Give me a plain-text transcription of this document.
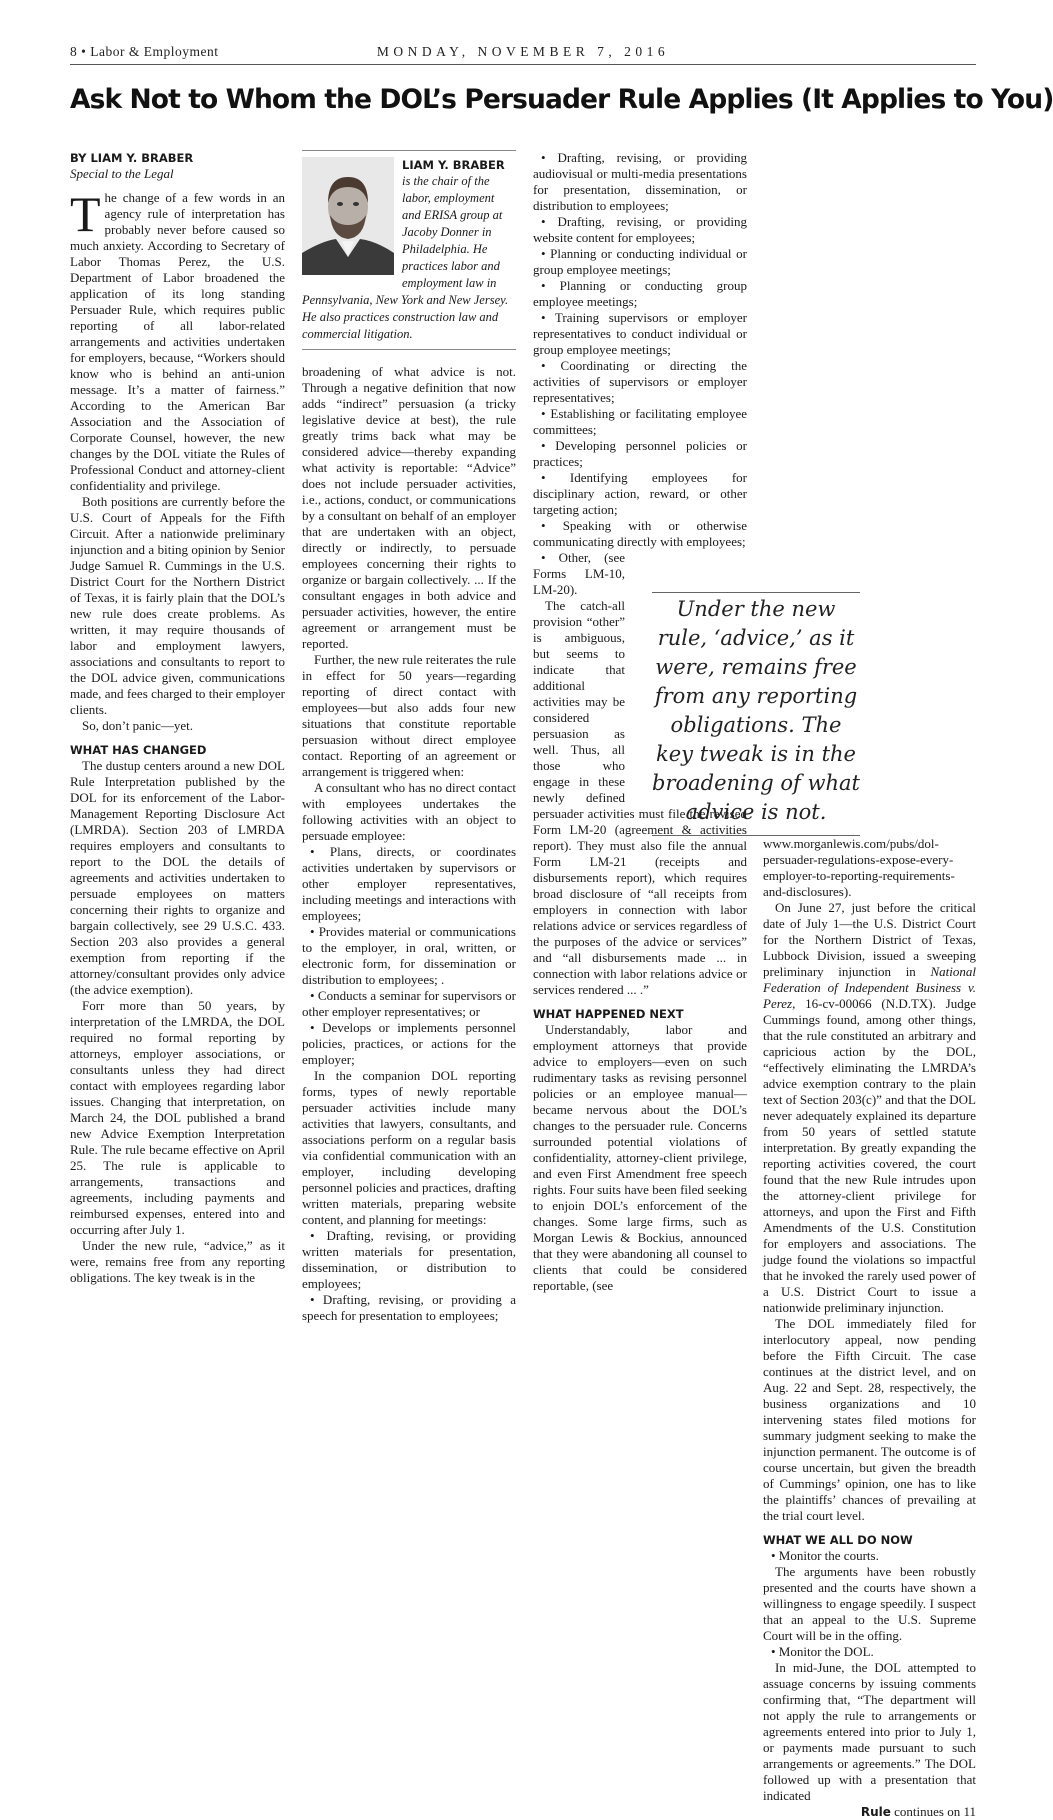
8 • Labor & Employment	MONDAY, NOVEMBER 7, 2016
Ask Not to Whom the DOL’s Persuader Rule Applies (It Applies to You)
BY LIAM Y. BRABER
Special to the Legal

The change of a few words in an agency rule of interpretation has probably never before caused so much anxiety. According to Secretary of Labor Thomas Perez, the U.S. Department of Labor broadened the application of its long standing Persuader Rule, which requires public reporting of all labor-related arrangements and activities undertaken for employers, because, “Workers should know who is behind an anti-union message. It’s a matter of fairness.” According to the American Bar Association and the Association of Corporate Counsel, however, the new changes by the DOL vitiate the Rules of Professional Conduct and attorney-client confidentiality and privilege.

Both positions are currently before the U.S. Court of Appeals for the Fifth Circuit. After a nationwide preliminary injunction and a biting opinion by Senior Judge Samuel R. Cummings in the U.S. District Court for the Northern District of Texas, it is fairly plain that the DOL’s new rule does create problems. As written, it may require thousands of labor and employment lawyers, associations and consultants to report to the DOL advice given, communications made, and fees charged to their employer clients.

So, don’t panic—yet.

WHAT HAS CHANGED

The dustup centers around a new DOL Rule Interpretation published by the DOL for its enforcement of the Labor-Management Reporting Disclosure Act (LMRDA). Section 203 of LMRDA requires employers and consultants to report to the DOL the details of agreements and activities undertaken to persuade employees on matters concerning their rights to organize and bargain collectively, see 29 U.S.C. 433. Section 203 also provides a general exemption from reporting if the attorney/consultant provides only advice (the advice exemption).

Forr more than 50 years, by interpretation of the LMRDA, the DOL required no formal reporting by attorneys, employer associations, or consultants unless they had direct contact with employees regarding labor issues. Changing that interpretation, on March 24, the DOL published a brand new Advice Exemption Interpretation Rule. The rule became effective on April 25. The rule is applicable to arrangements, transactions and agreements, including payments and reimbursed expenses, entered into and occurring after July 1.

Under the new rule, “advice,” as it were, remains free from any reporting obligations. The key tweak is in the

LIAM Y. BRABER
is the chair of the labor, employment and ERISA group at Jacoby Donner in Philadelphia. He practices labor and employment law in Pennsylvania, New York and New Jersey. He also practices construction law and commercial litigation.

broadening of what advice is not. Through a negative definition that now adds “indirect” persuasion (a tricky legislative device at best), the rule greatly trims back what may be considered advice—thereby expanding what activity is reportable: “Advice” does not include persuader activities, i.e., actions, conduct, or communications by a consultant on behalf of an employer that are undertaken with an object, directly or indirectly, to persuade employees concerning their rights to organize or bargain collectively. ... If the consultant engages in both advice and persuader activities, however, the entire agreement or arrangement must be reported.

Further, the new rule reiterates the rule in effect for 50 years—regarding reporting of direct contact with employees—but also adds four new situations that constitute reportable persuasion without direct employee contact. Reporting of an agreement or arrangement is triggered when:

A consultant who has no direct contact with employees undertakes the following activities with an object to persuade employee:

• Plans, directs, or coordinates activities undertaken by supervisors or other employer representatives, including meetings and interactions with employees;

• Provides material or communications to the employer, in oral, written, or electronic form, for dissemination or distribution to employees; .

• Conducts a seminar for supervisors or other employer representatives; or

• Develops or implements personnel policies, practices, or actions for the employer;

In the companion DOL reporting forms, types of newly reportable persuader activities include many activities that lawyers, consultants, and associations perform on a regular basis via confidential communication with an employer, including developing personnel policies and practices, drafting written materials, preparing website content, and planning for meetings:

• Drafting, revising, or providing written materials for presentation, dissemination, or distribution to employees;

• Drafting, revising, or providing a speech for presentation to employees;

• Drafting, revising, or providing audiovisual or multi-media presentations for presentation, dissemination, or distribution to employees;

• Drafting, revising, or providing website content for employees;

• Planning or conducting individual or group employee meetings;

• Planning or conducting group employee meetings;

• Training supervisors or employer representatives to conduct individual or group employee meetings;

• Coordinating or directing the activities of supervisors or employer representatives;

• Establishing or facilitating employee committees;

• Developing personnel policies or practices;

• Identifying employees for disciplinary action, reward, or other targeting action;

• Speaking with or otherwise communicating directly with employees;

• Other, (see Forms LM-10, LM-20).

The catch-all provision “other” is ambiguous, but seems to indicate that additional activities may be considered persuasion as well. Thus, all those who engage in these newly defined persuader activities must file the revised Form LM-20 (agreement & activities report). They must also file the annual Form LM-21 (receipts and disbursements report), which requires broad disclosure of “all receipts from employers in connection with labor relations advice or services regardless of the purposes of the advice or services” and “all disbursements made ... in connection with labor relations advice or services rendered ... .”

WHAT HAPPENED NEXT

Understandably, labor and employment attorneys that provide advice to employers—even on such rudimentary tasks as revising personnel policies or an employee manual—became nervous about the DOL’s changes to the persuader rule. Concerns surrounded potential violations of confidentiality, attorney-client privilege, and even First Amendment free speech rights. Four suits have been filed seeking to enjoin DOL’s enforcement of the changes. Some large firms, such as Morgan Lewis & Bockius, announced that they were abandoning all counsel to clients that could be considered reportable, (see

www.morganlewis.com/pubs/dol-persuader-regulations-expose-every-employer-to-reporting-requirements-and-disclosures).

On June 27, just before the critical date of July 1—the U.S. District Court for the Northern District of Texas, Lubbock Division, issued a sweeping preliminary injunction in National Federation of Independent Business v. Perez, 16-cv-00066 (N.D.TX). Judge Cummings found, among other things, that the rule constituted an arbitrary and capricious action by the DOL, “effectively eliminating the LMRDA’s advice exemption contrary to the plain text of Section 203(c)” and that the DOL never adequately explained its departure from 50 years of settled statute interpretation. By greatly expanding the reporting activities covered, the court found that the new Rule intrudes upon the attorney-client privilege for attorneys, and upon the First and Fifth Amendments of the U.S. Constitution for employers and associations. The judge found the violations so impactful that he invoked the rarely used power of a U.S. District Court to issue a nationwide preliminary injunction.

The DOL immediately filed for interlocutory appeal, now pending before the Fifth Circuit. The case continues at the district level, and on Aug. 22 and Sept. 28, respectively, the business organizations and 10 intervening states filed motions for summary judgment seeking to make the injunction permanent. The outcome is of course uncertain, but given the breadth of Cummings’ opinion, one has to like the plaintiffs’ chances of prevailing at the trial court level.

WHAT WE ALL DO NOW

• Monitor the courts.

The arguments have been robustly presented and the courts have shown a willingness to engage speedily. I suspect that an appeal to the U.S. Supreme Court will be in the offing.

• Monitor the DOL.

In mid-June, the DOL attempted to assuage concerns by issuing comments confirming that, “The department will not apply the rule to arrangements or agreements entered into prior to July 1, or payments made pursuant to such arrangements or agreements.” The DOL followed up with a presentation that indicated

Rule continues on 11
Under the new rule, ‘advice,’ as it were, remains free from any reporting obligations. The key tweak is in the broadening of what advice is not.
